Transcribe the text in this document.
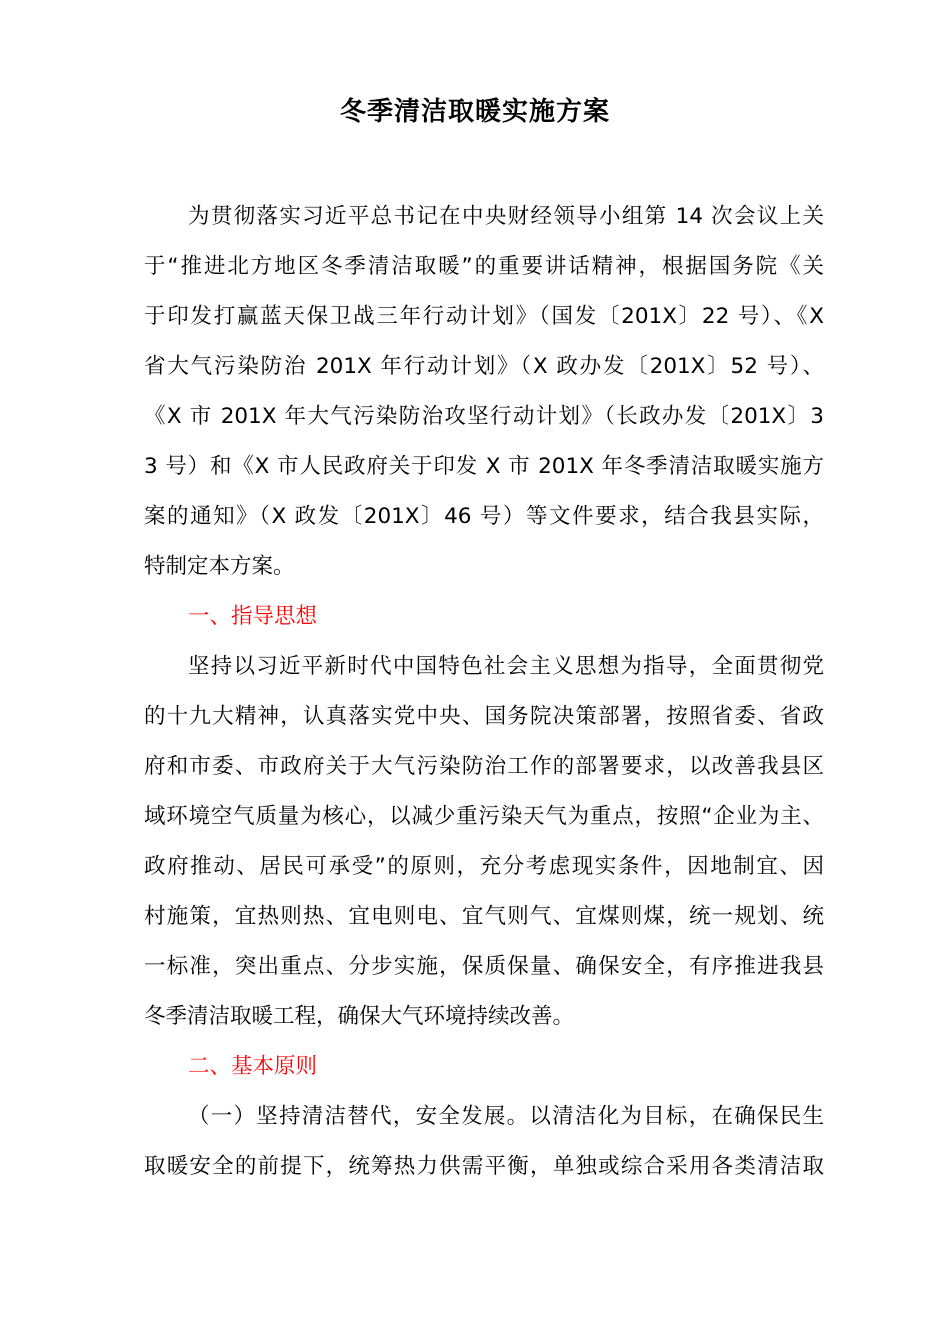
冬季清洁取暖实施方案
为贯彻落实习近平总书记在中央财经领导小组第 14 次会议上关
于“推进北方地区冬季清洁取暖”的重要讲话精神，根据国务院《关
于印发打赢蓝天保卫战三年行动计划》（国发〔201X〕22 号）、《X
省大气污染防治 201X 年行动计划》（X 政办发〔201X〕52 号）、
《X 市 201X 年大气污染防治攻坚行动计划》（长政办发〔201X〕3
3 号）和《X 市人民政府关于印发 X 市 201X 年冬季清洁取暖实施方
案的通知》（X 政发〔201X〕46 号）等文件要求，结合我县实际，
特制定本方案。
一、指导思想
坚持以习近平新时代中国特色社会主义思想为指导，全面贯彻党
的十九大精神，认真落实党中央、国务院决策部署，按照省委、省政
府和市委、市政府关于大气污染防治工作的部署要求，以改善我县区
域环境空气质量为核心，以减少重污染天气为重点，按照“企业为主、
政府推动、居民可承受”的原则，充分考虑现实条件，因地制宜、因
村施策，宜热则热、宜电则电、宜气则气、宜煤则煤，统一规划、统
一标准，突出重点、分步实施，保质保量、确保安全，有序推进我县
冬季清洁取暖工程，确保大气环境持续改善。
二、基本原则
（一）坚持清洁替代，安全发展。以清洁化为目标，在确保民生
取暖安全的前提下，统筹热力供需平衡，单独或综合采用各类清洁取
